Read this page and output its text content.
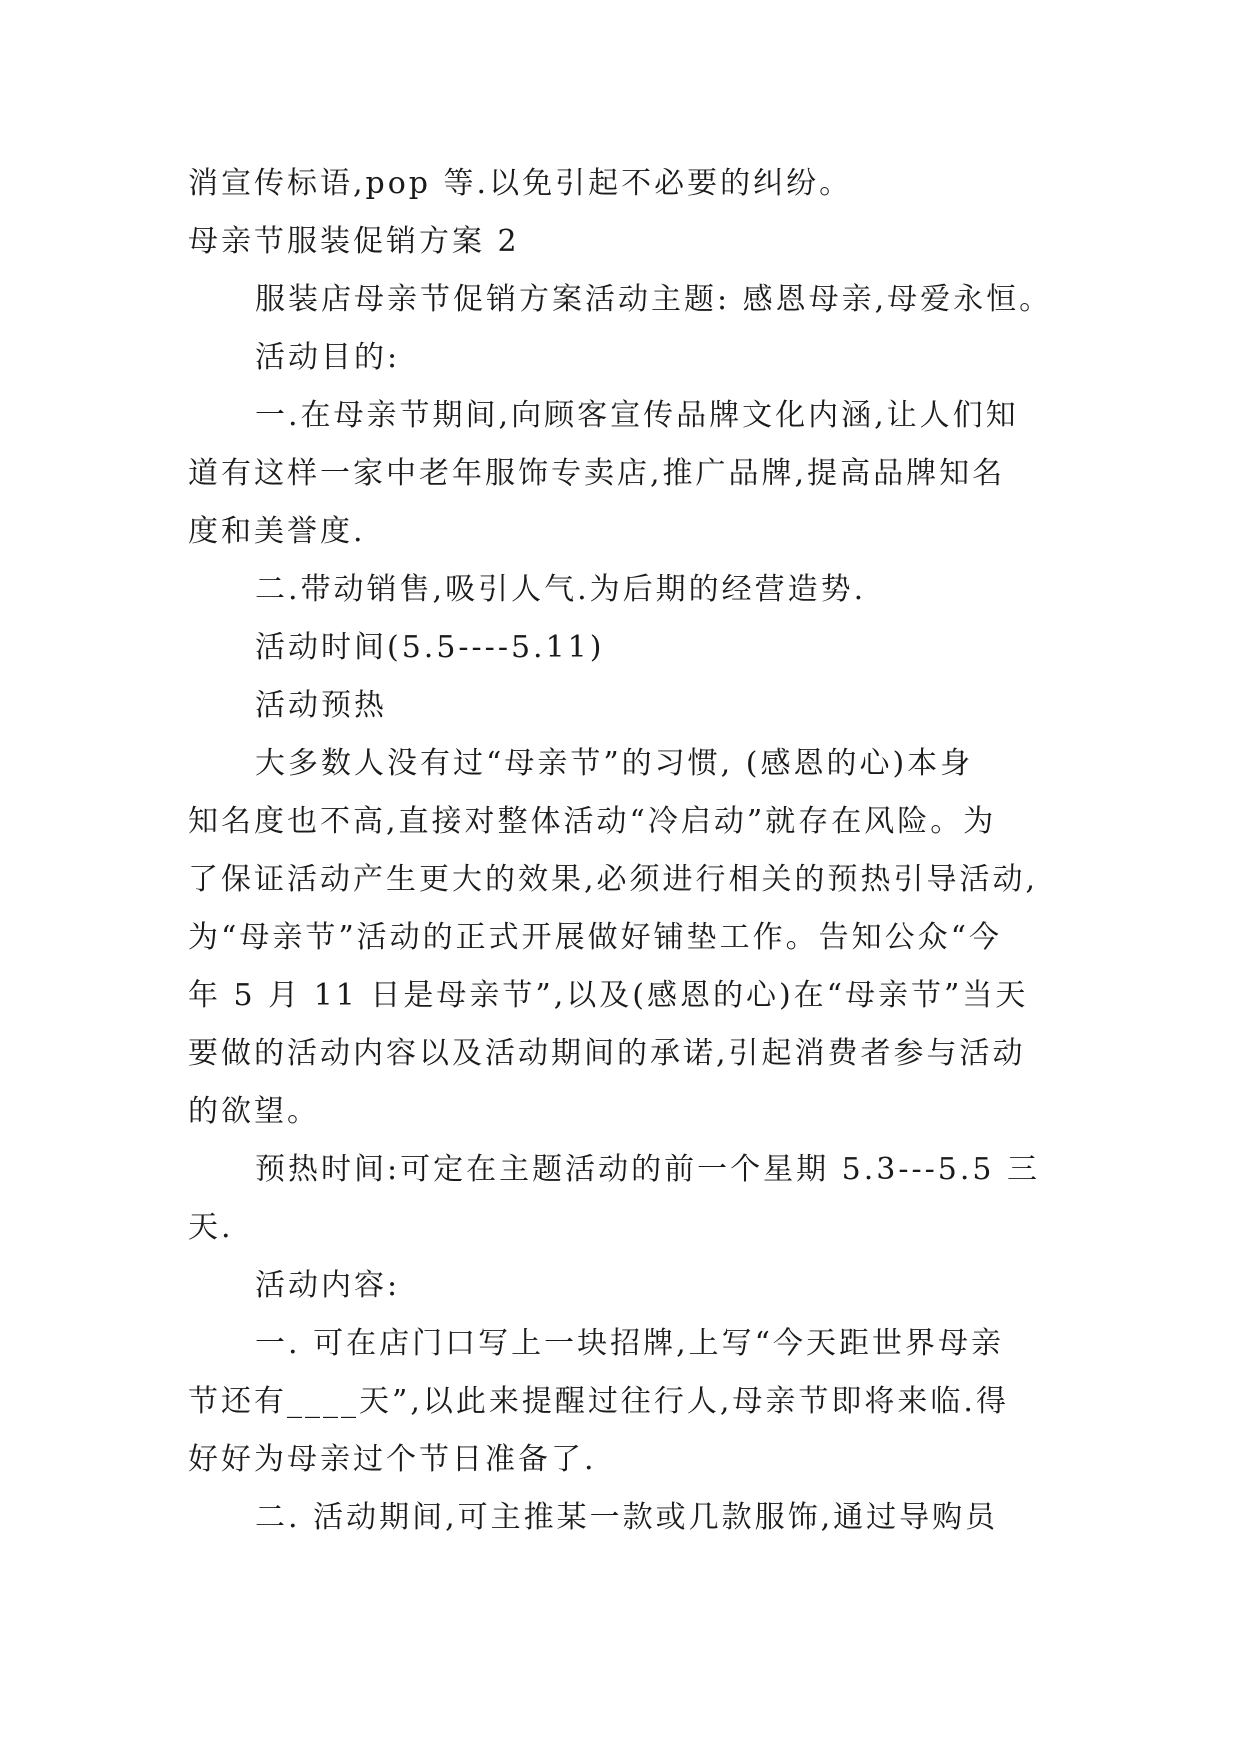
消宣传标语,pop 等.以免引起不必要的纠纷。
母亲节服装促销方案 2
服装店母亲节促销方案活动主题: 感恩母亲,母爱永恒。
活动目的:
一.在母亲节期间,向顾客宣传品牌文化内涵,让人们知
道有这样一家中老年服饰专卖店,推广品牌,提高品牌知名
度和美誉度.
二.带动销售,吸引人气.为后期的经营造势.
活动时间(5.5----5.11)
活动预热
大多数人没有过“母亲节”的习惯, (感恩的心)本身
知名度也不高,直接对整体活动“冷启动”就存在风险。为
了保证活动产生更大的效果,必须进行相关的预热引导活动,
为“母亲节”活动的正式开展做好铺垫工作。告知公众“今
年 5 月 11 日是母亲节”,以及(感恩的心)在“母亲节”当天
要做的活动内容以及活动期间的承诺,引起消费者参与活动
的欲望。
预热时间:可定在主题活动的前一个星期 5.3---5.5 三
天.
活动内容:
一. 可在店门口写上一块招牌,上写“今天距世界母亲
节还有____天”,以此来提醒过往行人,母亲节即将来临.得
好好为母亲过个节日准备了.
二. 活动期间,可主推某一款或几款服饰,通过导购员
